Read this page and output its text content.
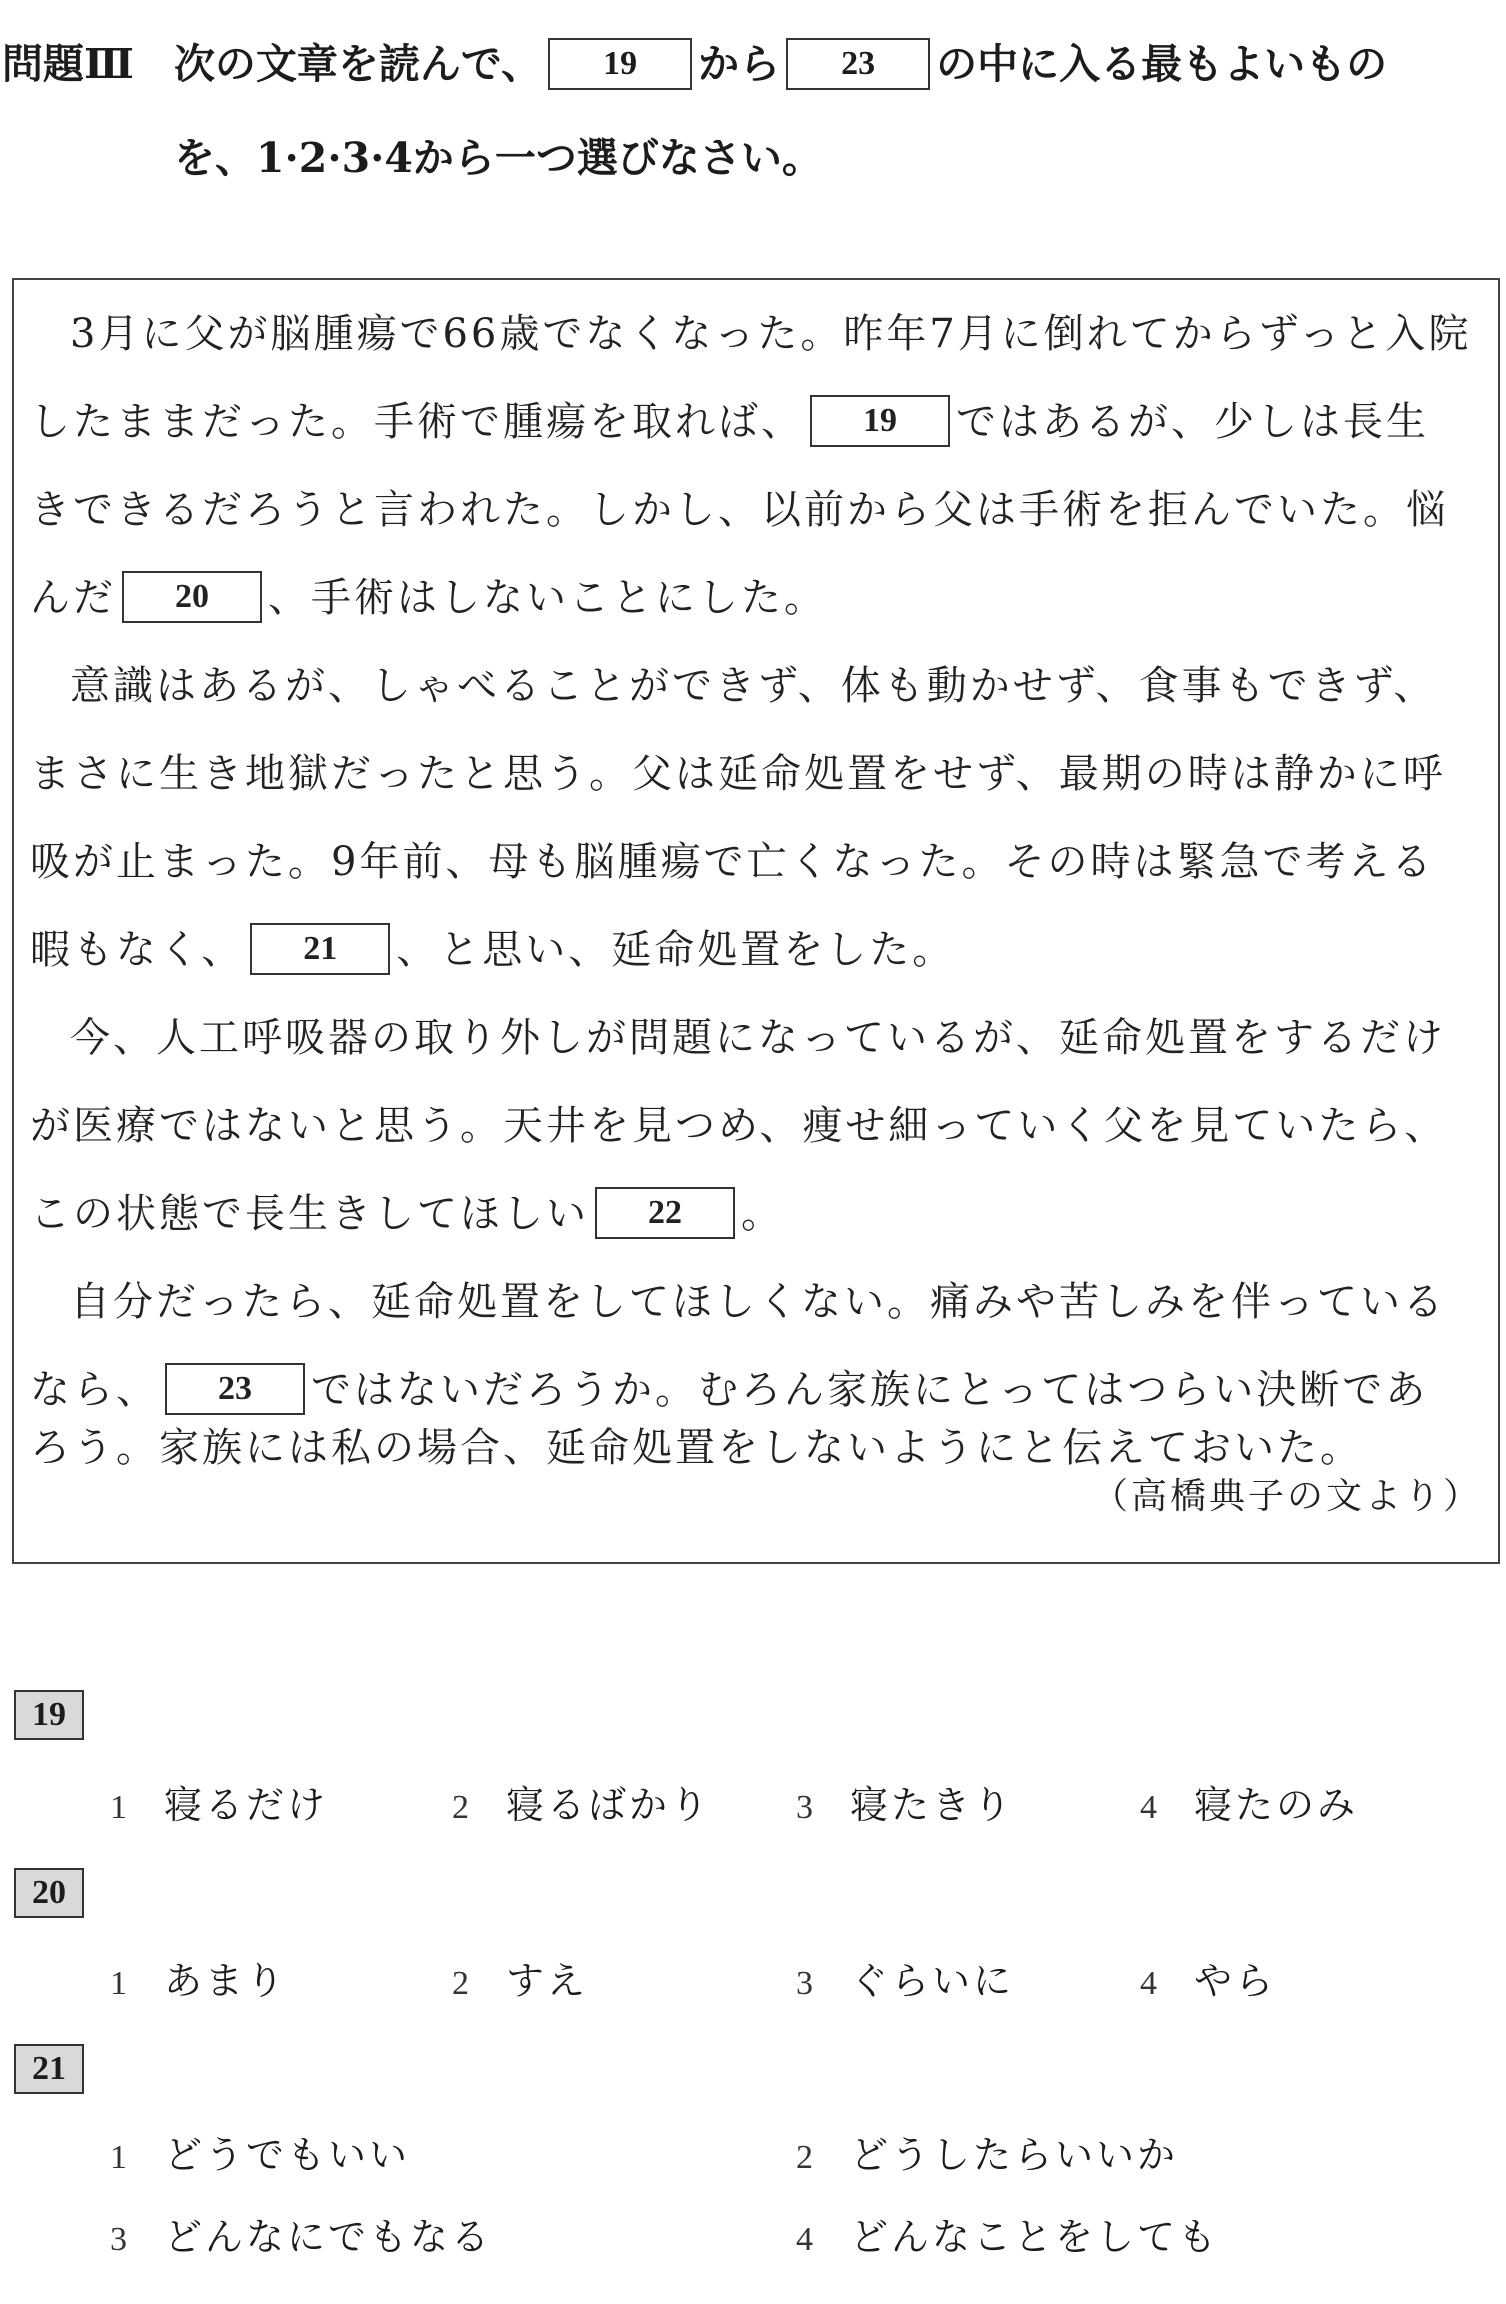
問題Ⅲ 次の文章を読んで、 19 から 23 の中に入る最もよいもの
を、1·2·3·4から一つ選びなさい。
3月に父が脳腫瘍で66歳でなくなった。昨年7月に倒れてからずっと入院
したままだった。手術で腫瘍を取れば、 19 ではあるが、少しは長生
きできるだろうと言われた。しかし、以前から父は手術を拒んでいた。悩
んだ 20 、手術はしないことにした。
意識はあるが、しゃべることができず、体も動かせず、食事もできず、
まさに生き地獄だったと思う。父は延命処置をせず、最期の時は静かに呼
吸が止まった。9年前、母も脳腫瘍で亡くなった。その時は緊急で考える
暇もなく、 21 、と思い、延命処置をした。
今、人工呼吸器の取り外しが問題になっているが、延命処置をするだけ
が医療ではないと思う。天井を見つめ、痩せ細っていく父を見ていたら、
この状態で長生きしてほしい 22 。
自分だったら、延命処置をしてほしくない。痛みや苦しみを伴っている
なら、 23 ではないだろうか。むろん家族にとってはつらい決断であ
ろう。家族には私の場合、延命処置をしないようにと伝えておいた。
（高橋典子の文より）
19
1 寝るだけ	2 寝るばかり 3 寝たきり	4 寝たのみ
20
1 あまり	2 すえ	3 ぐらいに	4 やら
21
1 どうでもいい	2 どうしたらいいか
3 どんなにでもなる	4 どんなことをしても
